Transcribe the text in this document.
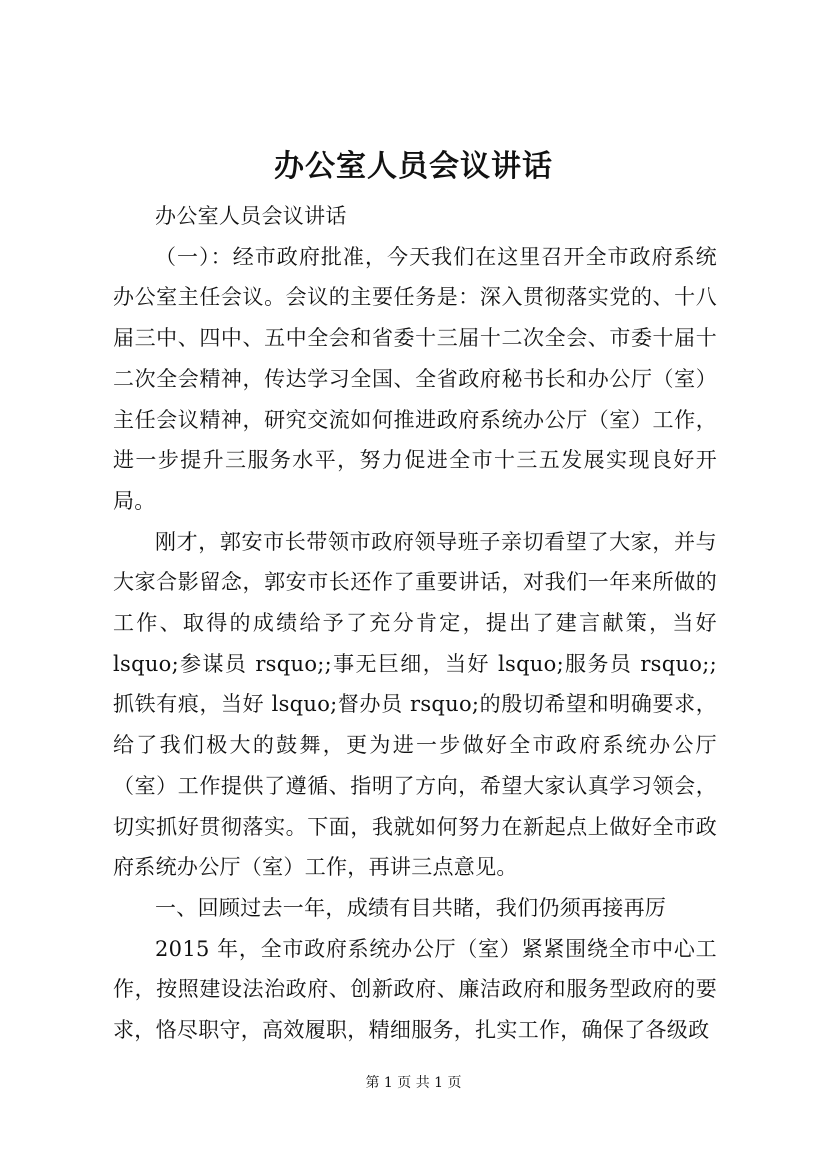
办公室人员会议讲话

办公室人员会议讲话

（一）：经市政府批准，今天我们在这里召开全市政府系统办公室主任会议。会议的主要任务是：深入贯彻落实党的、十八届三中、四中、五中全会和省委十三届十二次全会、市委十届十二次全会精神，传达学习全国、全省政府秘书长和办公厅（室）主任会议精神，研究交流如何推进政府系统办公厅（室）工作，进一步提升三服务水平，努力促进全市十三五发展实现良好开局。

刚才，郭安市长带领市政府领导班子亲切看望了大家，并与大家合影留念，郭安市长还作了重要讲话，对我们一年来所做的工作、取得的成绩给予了充分肯定，提出了建言献策，当好 lsquo;参谋员 rsquo;;事无巨细，当好 lsquo;服务员 rsquo;;抓铁有痕，当好 lsquo;督办员 rsquo;的殷切希望和明确要求，给了我们极大的鼓舞，更为进一步做好全市政府系统办公厅（室）工作提供了遵循、指明了方向，希望大家认真学习领会，切实抓好贯彻落实。下面，我就如何努力在新起点上做好全市政府系统办公厅（室）工作，再讲三点意见。

一、回顾过去一年，成绩有目共睹，我们仍须再接再厉

2015 年，全市政府系统办公厅（室）紧紧围绕全市中心工作，按照建设法治政府、创新政府、廉洁政府和服务型政府的要求，恪尽职守，高效履职，精细服务，扎实工作，确保了各级政

第 1 页 共 1 页
